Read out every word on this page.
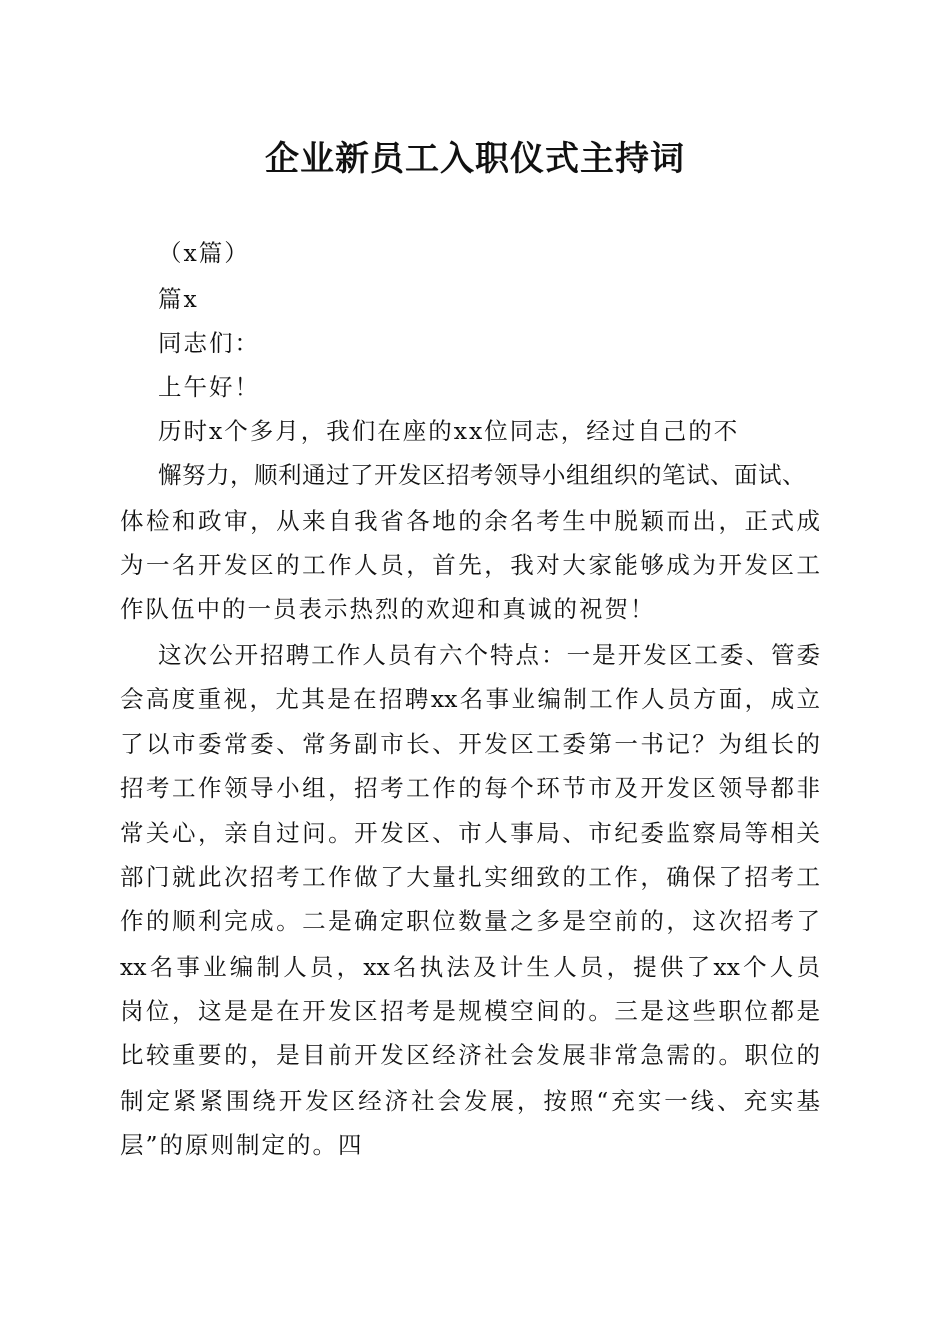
企业新员工入职仪式主持词
（x篇）
篇x
同志们：
上午好！
历时x个多月，我们在座的xx位同志，经过自己的不
懈努力，顺利通过了开发区招考领导小组组织的笔试、面试、
体检和政审，从来自我省各地的余名考生中脱颖而出，正式成
为一名开发区的工作人员，首先，我对大家能够成为开发区工
作队伍中的一员表示热烈的欢迎和真诚的祝贺！
这次公开招聘工作人员有六个特点：一是开发区工委、管委
会高度重视，尤其是在招聘xx名事业编制工作人员方面，成立
了以市委常委、常务副市长、开发区工委第一书记？为组长的
招考工作领导小组，招考工作的每个环节市及开发区领导都非
常关心，亲自过问。开发区、市人事局、市纪委监察局等相关
部门就此次招考工作做了大量扎实细致的工作，确保了招考工
作的顺利完成。二是确定职位数量之多是空前的，这次招考了
xx名事业编制人员，xx名执法及计生人员，提供了xx个人员
岗位，这是是在开发区招考是规模空间的。三是这些职位都是
比较重要的，是目前开发区经济社会发展非常急需的。职位的
制定紧紧围绕开发区经济社会发展，按照“充实一线、充实基
层”的原则制定的。四
